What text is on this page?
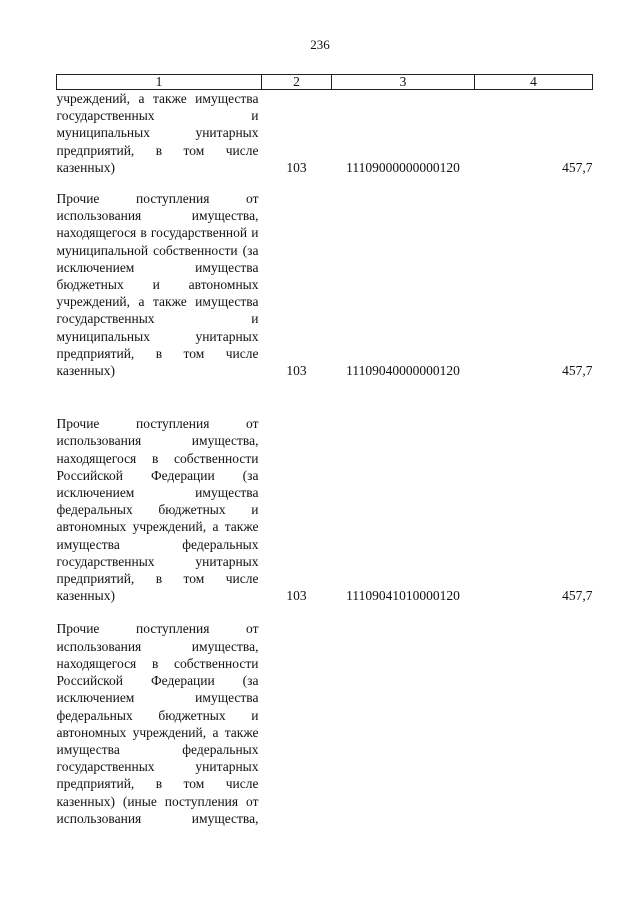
236
1	2	3	4

учреждений, а также имущества государственных и муниципальных унитарных предприятий, в том числе казенных)	103	11109000000000120	457,7

Прочие поступления от использования имущества, находящегося в государственной и муниципальной собственности (за исключением имущества бюджетных и автономных учреждений, а также имущества государственных и муниципальных унитарных предприятий, в том числе казенных)	103	11109040000000120	457,7

Прочие поступления от использования имущества, находящегося в собственности Российской Федерации (за исключением имущества федеральных бюджетных и автономных учреждений, а также имущества федеральных государственных унитарных предприятий, в том числе казенных)	103	11109041010000120	457,7

Прочие поступления от использования имущества, находящегося в собственности Российской Федерации (за исключением имущества федеральных бюджетных и автономных учреждений, а также имущества федеральных государственных унитарных предприятий, в том числе казенных) (иные поступления от использования имущества,			
